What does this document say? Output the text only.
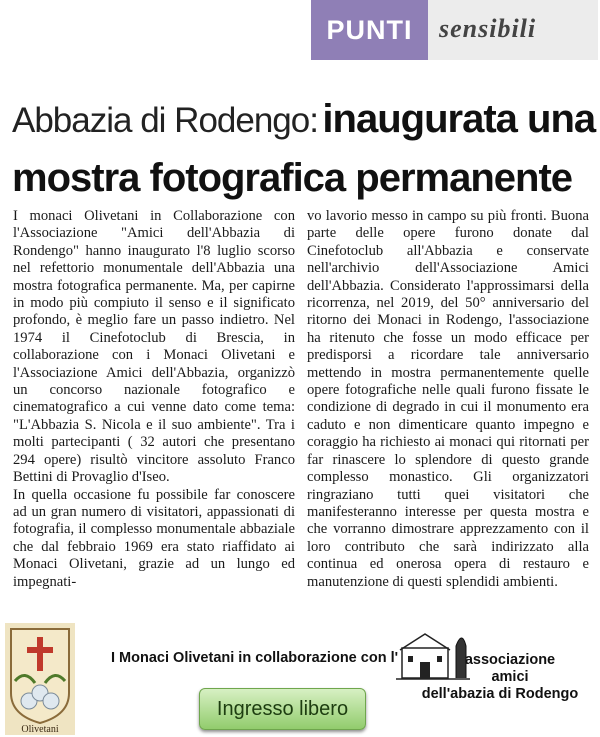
PUNTI sensibili
Abbazia di Rodengo: inaugurata una
mostra fotografica permanente

I monaci Olivetani in Collaborazione con l'Associazione "Amici dell'Abbazia di Rondengo" hanno inaugurato l'8 luglio scorso nel refettorio monumentale dell'Abbazia una mostra fotografica permanente. Ma, per capirne in modo più compiuto il senso e il significato profondo, è meglio fare un passo indietro. Nel 1974 il Cinefotoclub di Brescia, in collaborazione con i Monaci Olivetani e l'Associazione Amici dell'Abbazia, organizzò un concorso nazionale fotografico e cinematografico a cui venne dato come tema: "L'Abbazia S. Nicola e il suo ambiente". Tra i molti partecipanti ( 32 autori che presentano 294 opere) risultò vincitore assoluto Franco Bettini di Provaglio d'Iseo.

In quella occasione fu possibile far conoscere ad un gran numero di visitatori, appassionati di fotografia, il complesso monumentale abbaziale che dal febbraio 1969 era stato riaffidato ai Monaci Olivetani, grazie ad un lungo ed impegnati-

vo lavorio messo in campo su più fronti. Buona parte delle opere furono donate dal Cinefotoclub all'Abbazia e conservate nell'archivio dell'Associazione Amici dell'Abbazia. Considerato l'approssimarsi della ricorrenza, nel 2019, del 50° anniversario del ritorno dei Monaci in Rodengo, l'associazione ha ritenuto che fosse un modo efficace per predisporsi a ricordare tale anniversario mettendo in mostra permanentemente quelle opere fotografiche nelle quali furono fissate le condizione di degrado in cui il monumento era caduto e non dimenticare quanto impegno e coraggio ha richiesto ai monaci qui ritornati per far rinascere lo splendore di questo grande complesso monastico. Gli organizzatori ringraziano tutti quei visitatori che manifesteranno interesse per questa mostra e che vorranno dimostrare apprezzamento con il loro contributo che sarà indirizzato alla continua ed onerosa opera di restauro e manutenzione di questi splendidi ambienti.

Olivetani
I Monaci Olivetani in collaborazione con l'	associazione
amici
dell'abazia di Rodengo
Ingresso libero
